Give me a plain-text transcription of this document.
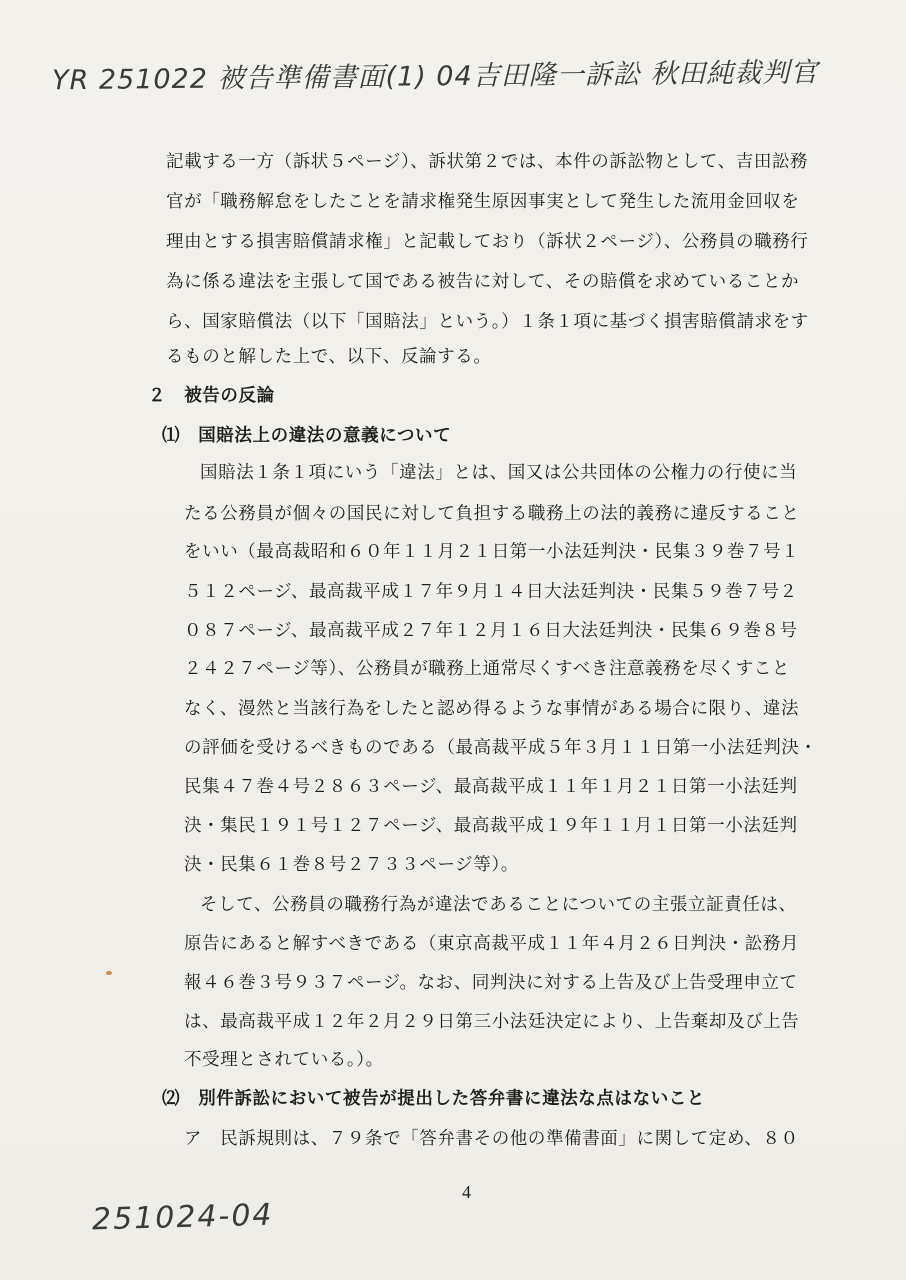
YR 251022 被告準備書面(1) 04吉田隆一訴訟 秋田純裁判官
記載する一方（訴状５ページ）、訴状第２では、本件の訴訟物として、吉田訟務
官が「職務解怠をしたことを請求権発生原因事実として発生した流用金回収を
理由とする損害賠償請求権」と記載しており（訴状２ページ）、公務員の職務行
為に係る違法を主張して国である被告に対して、その賠償を求めていることか
ら、国家賠償法（以下「国賠法」という。）１条１項に基づく損害賠償請求をす
るものと解した上で、以下、反論する。
２　被告の反論
⑴　国賠法上の違法の意義について
国賠法１条１項にいう「違法」とは、国又は公共団体の公権力の行使に当
たる公務員が個々の国民に対して負担する職務上の法的義務に違反すること
をいい（最高裁昭和６０年１１月２１日第一小法廷判決・民集３９巻７号１
５１２ページ、最高裁平成１７年９月１４日大法廷判決・民集５９巻７号２
０８７ページ、最高裁平成２７年１２月１６日大法廷判決・民集６９巻８号
２４２７ページ等）、公務員が職務上通常尽くすべき注意義務を尽くすこと
なく、漫然と当該行為をしたと認め得るような事情がある場合に限り、違法
の評価を受けるべきものである（最高裁平成５年３月１１日第一小法廷判決・
民集４７巻４号２８６３ページ、最高裁平成１１年１月２１日第一小法廷判
決・集民１９１号１２７ページ、最高裁平成１９年１１月１日第一小法廷判
決・民集６１巻８号２７３３ページ等）。
そして、公務員の職務行為が違法であることについての主張立証責任は、
原告にあると解すべきである（東京高裁平成１１年４月２６日判決・訟務月
報４６巻３号９３７ページ。なお、同判決に対する上告及び上告受理申立て
は、最高裁平成１２年２月２９日第三小法廷決定により、上告棄却及び上告
不受理とされている。）。
⑵　別件訴訟において被告が提出した答弁書に違法な点はないこと
ア　民訴規則は、７９条で「答弁書その他の準備書面」に関して定め、８０
4
251024-04
